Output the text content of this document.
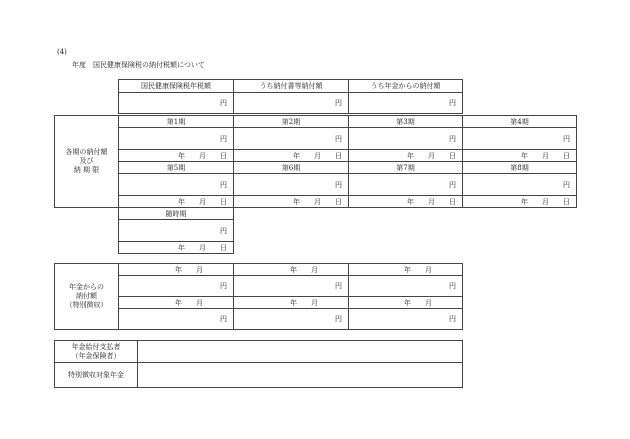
(4)
年度　国民健康保険税の納付税額について
国民健康保険税年税額	うち納付書等納付額	うち年金からの納付額
円	円	円
各期の納付額
及び
納 期 限	第1期	第2期	第3期	第4期
	円	円	円	円
	年　　月　　日	年　　月　　日	年　　月　　日	年　　月　　日
	第5期	第6期	第7期	第8期
	円	円	円	円
	年　　月　　日	年　　月　　日	年　　月　　日	年　　月　　日
随時期
円
年　　月　　日
年金からの
納付額
（特別徴収）	年　　月	年　　月	年　　月
	円	円	円
	年　　月	年　　月	年　　月
	円	円	円
年金給付支払者
（年金保険者）	

特別徴収対象年金	
